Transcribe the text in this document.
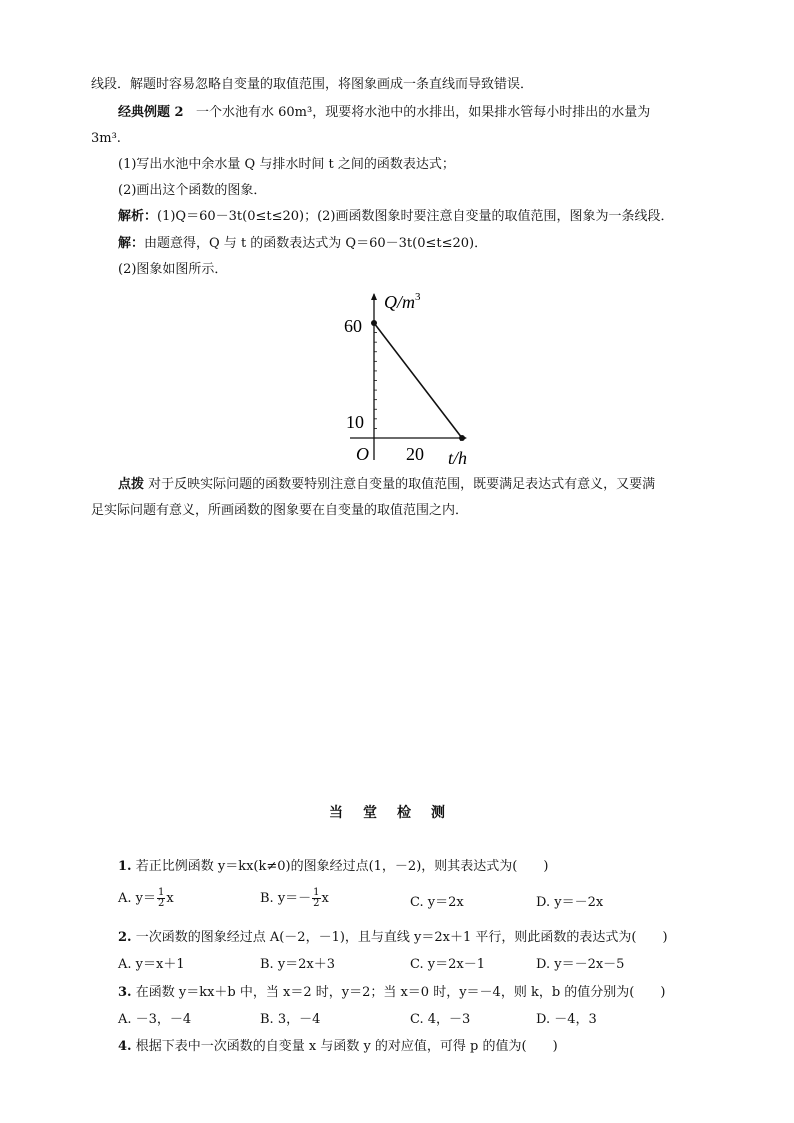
线段．解题时容易忽略自变量的取值范围，将图象画成一条直线而导致错误．
经典例题 2 一个水池有水 60m³，现要将水池中的水排出，如果排水管每小时排出的水量为
3m³.
(1)写出水池中余水量 Q 与排水时间 t 之间的函数表达式；
(2)画出这个函数的图象．
解析：(1)Q＝60－3t(0≤t≤20)；(2)画函数图象时要注意自变量的取值范围，图象为一条线段．
解：由题意得，Q 与 t 的函数表达式为 Q＝60－3t(0≤t≤20)．
(2)图象如图所示．
$Q/m^3$
t/h
O
60
10
20
点拨 对于反映实际问题的函数要特别注意自变量的取值范围，既要满足表达式有意义，又要满
足实际问题有意义，所画函数的图象要在自变量的取值范围之内．
当堂检测
1. 若正比例函数 y＝kx(k≠0)的图象经过点(1，－2)，则其表达式为(　　)
A. $y= \frac{1}{2}$ x	B. $y=- \frac{1}{2}$ x	C. y＝2x	D. y＝－2x
2. 一次函数的图象经过点 A(－2，－1)，且与直线 y＝2x＋1 平行，则此函数的表达式为(　　)
A. y＝x＋1	B. y＝2x＋3	C. y＝2x－1	D. y＝－2x－5
3. 在函数 y＝kx＋b 中，当 x＝2 时，y＝2；当 x＝0 时，y＝－4，则 k，b 的值分别为(　　)
A. －3，－4	B. 3，－4	C. 4，－3	D. －4，3
4. 根据下表中一次函数的自变量 x 与函数 y 的对应值，可得 p 的值为(　　)
